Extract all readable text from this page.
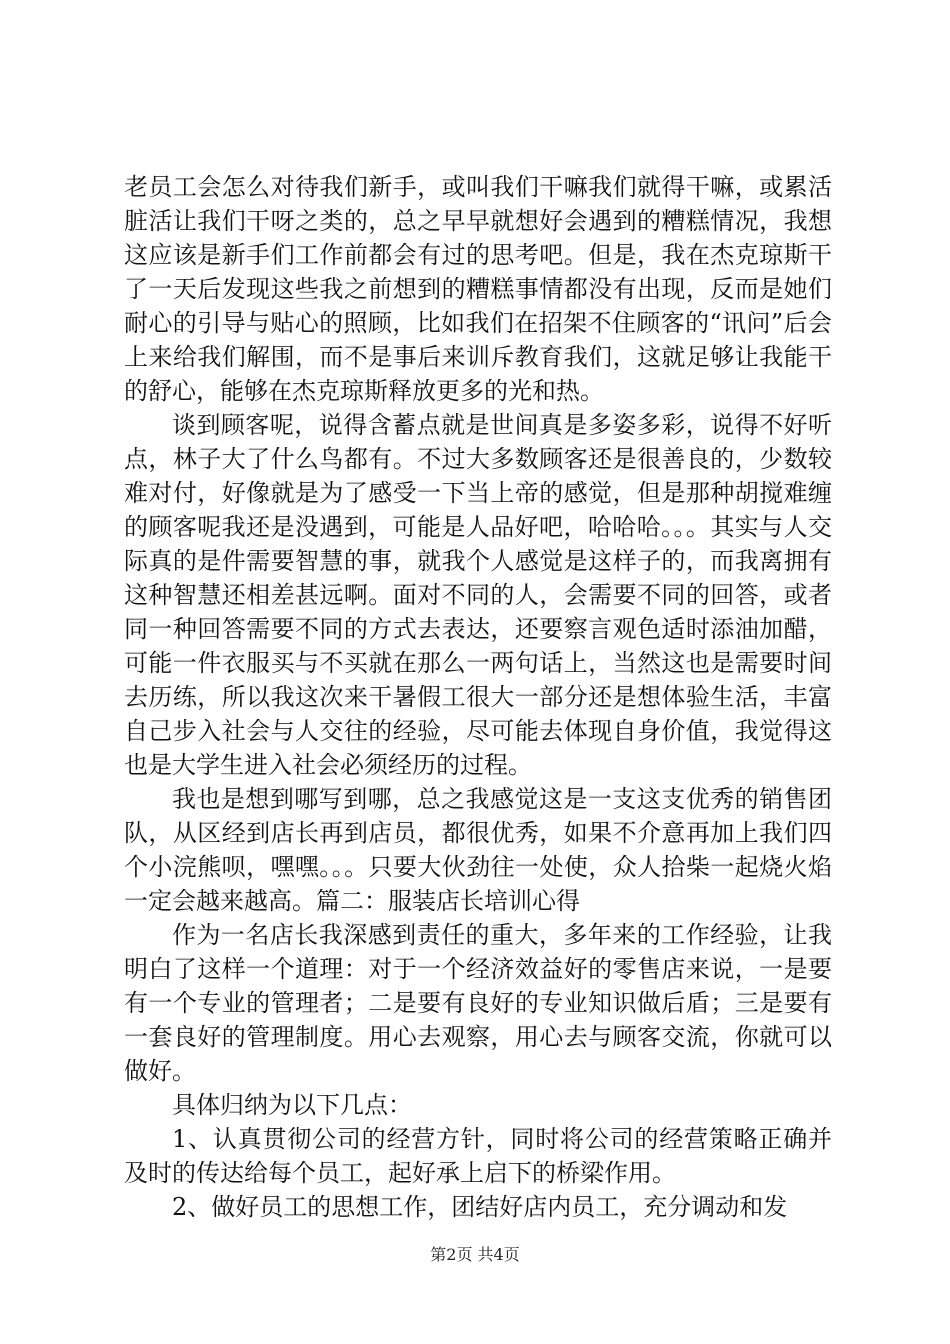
老员工会怎么对待我们新手，或叫我们干嘛我们就得干嘛，或累活脏活让我们干呀之类的，总之早早就想好会遇到的糟糕情况，我想这应该是新手们工作前都会有过的思考吧。但是，我在杰克琼斯干了一天后发现这些我之前想到的糟糕事情都没有出现，反而是她们耐心的引导与贴心的照顾，比如我们在招架不住顾客的“讯问”后会上来给我们解围，而不是事后来训斥教育我们，这就足够让我能干的舒心，能够在杰克琼斯释放更多的光和热。

谈到顾客呢，说得含蓄点就是世间真是多姿多彩，说得不好听点，林子大了什么鸟都有。不过大多数顾客还是很善良的，少数较难对付，好像就是为了感受一下当上帝的感觉，但是那种胡搅难缠的顾客呢我还是没遇到，可能是人品好吧，哈哈哈。。。其实与人交际真的是件需要智慧的事，就我个人感觉是这样子的，而我离拥有这种智慧还相差甚远啊。面对不同的人，会需要不同的回答，或者同一种回答需要不同的方式去表达，还要察言观色适时添油加醋，可能一件衣服买与不买就在那么一两句话上，当然这也是需要时间去历练，所以我这次来干暑假工很大一部分还是想体验生活，丰富自己步入社会与人交往的经验，尽可能去体现自身价值，我觉得这也是大学生进入社会必须经历的过程。

我也是想到哪写到哪，总之我感觉这是一支这支优秀的销售团队，从区经到店长再到店员，都很优秀，如果不介意再加上我们四个小浣熊呗，嘿嘿。。。只要大伙劲往一处使，众人拾柴一起烧火焰一定会越来越高。篇二：服装店长培训心得

作为一名店长我深感到责任的重大，多年来的工作经验，让我明白了这样一个道理：对于一个经济效益好的零售店来说，一是要有一个专业的管理者；二是要有良好的专业知识做后盾；三是要有一套良好的管理制度。用心去观察，用心去与顾客交流，你就可以做好。

具体归纳为以下几点：

1、认真贯彻公司的经营方针，同时将公司的经营策略正确并及时的传达给每个员工，起好承上启下的桥梁作用。

2、做好员工的思想工作，团结好店内员工，充分调动和发

第2页 共4页
